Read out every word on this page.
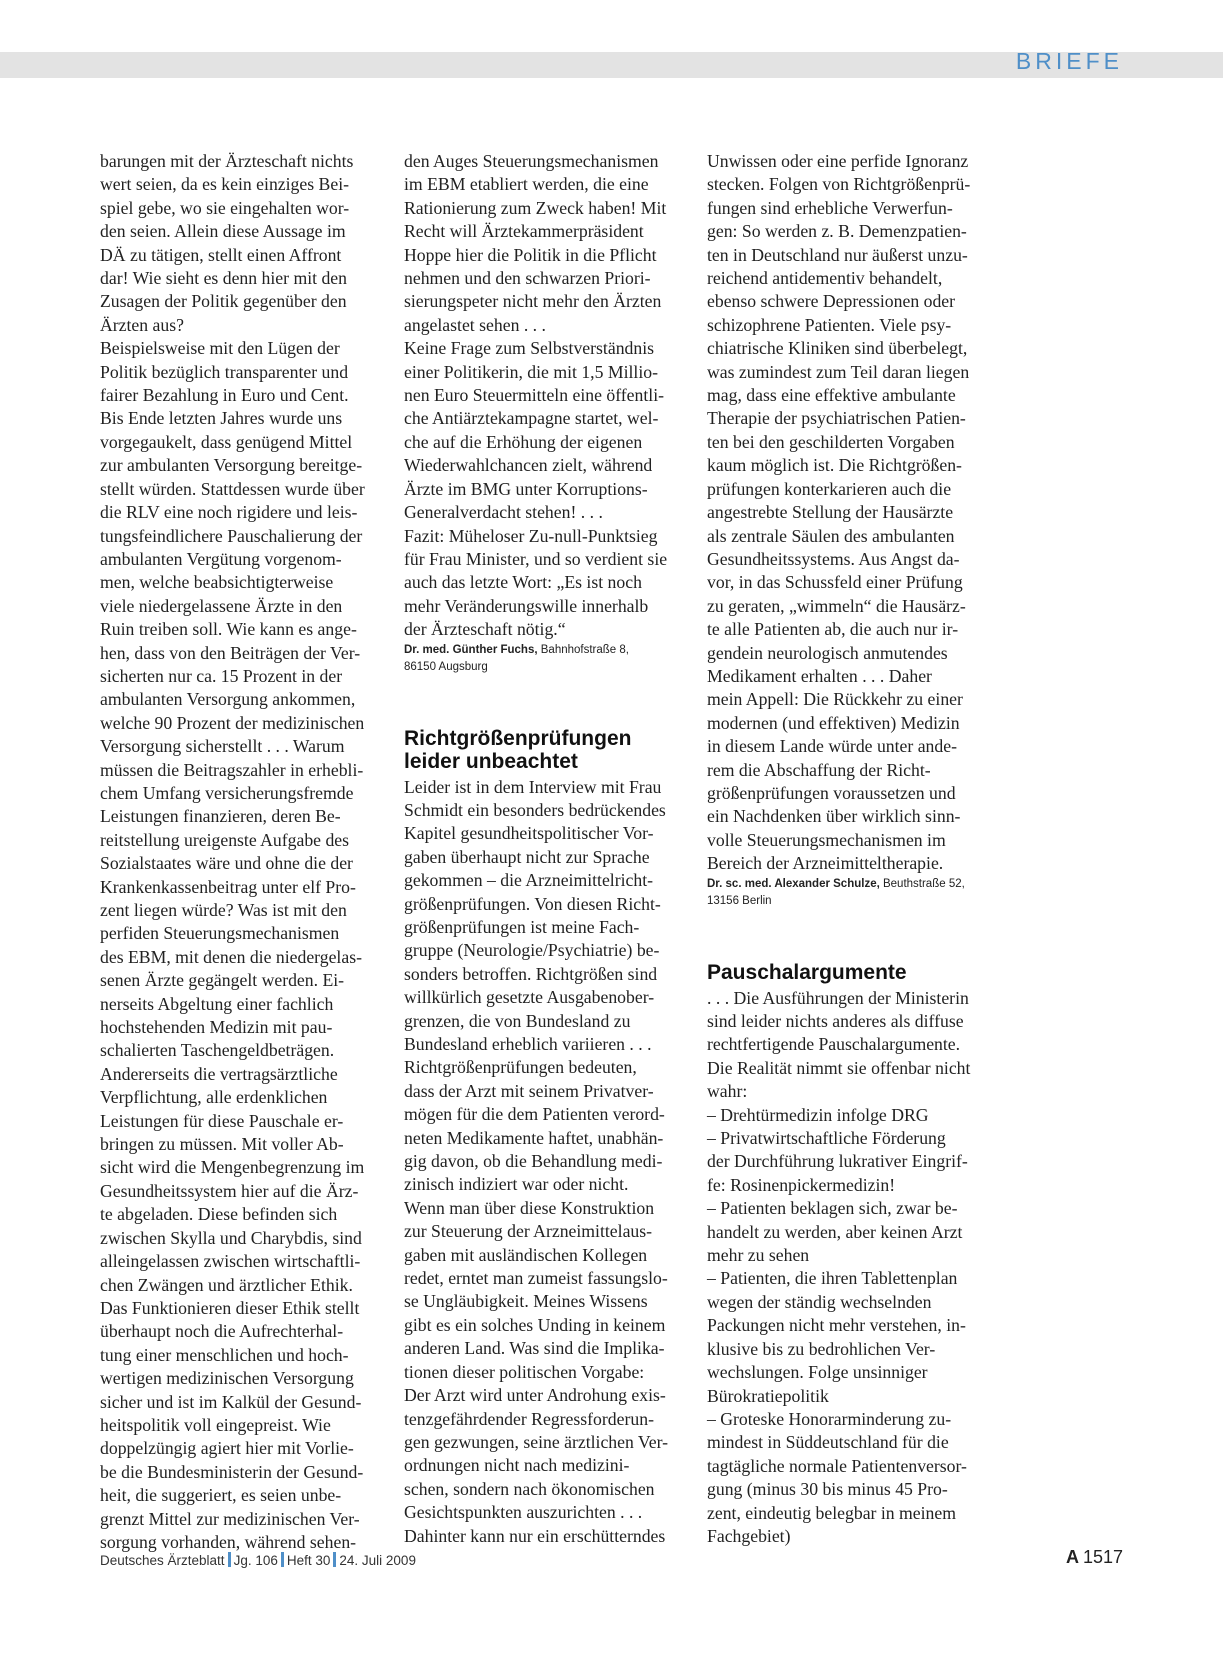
BRIEFE
barungen mit der Ärzteschaft nichts
wert seien, da es kein einziges Bei-
spiel gebe, wo sie eingehalten wor-
den seien. Allein diese Aussage im
DÄ zu tätigen, stellt einen Affront
dar! Wie sieht es denn hier mit den
Zusagen der Politik gegenüber den
Ärzten aus?
Beispielsweise mit den Lügen der
Politik bezüglich transparenter und
fairer Bezahlung in Euro und Cent.
Bis Ende letzten Jahres wurde uns
vorgegaukelt, dass genügend Mittel
zur ambulanten Versorgung bereitge-
stellt würden. Stattdessen wurde über
die RLV eine noch rigidere und leis-
tungsfeindlichere Pauschalierung der
ambulanten Vergütung vorgenom-
men, welche beabsichtigterweise
viele niedergelassene Ärzte in den
Ruin treiben soll. Wie kann es ange-
hen, dass von den Beiträgen der Ver-
sicherten nur ca. 15 Prozent in der
ambulanten Versorgung ankommen,
welche 90 Prozent der medizinischen
Versorgung sicherstellt . . . Warum
müssen die Beitragszahler in erhebli-
chem Umfang versicherungsfremde
Leistungen finanzieren, deren Be-
reitstellung ureigenste Aufgabe des
Sozialstaates wäre und ohne die der
Krankenkassenbeitrag unter elf Pro-
zent liegen würde? Was ist mit den
perfiden Steuerungsmechanismen
des EBM, mit denen die niedergelas-
senen Ärzte gegängelt werden. Ei-
nerseits Abgeltung einer fachlich
hochstehenden Medizin mit pau-
schalierten Taschengeldbeträgen.
Andererseits die vertragsärztliche
Verpflichtung, alle erdenklichen
Leistungen für diese Pauschale er-
bringen zu müssen. Mit voller Ab-
sicht wird die Mengenbegrenzung im
Gesundheitssystem hier auf die Ärz-
te abgeladen. Diese befinden sich
zwischen Skylla und Charybdis, sind
alleingelassen zwischen wirtschaftli-
chen Zwängen und ärztlicher Ethik.
Das Funktionieren dieser Ethik stellt
überhaupt noch die Aufrechterhal-
tung einer menschlichen und hoch-
wertigen medizinischen Versorgung
sicher und ist im Kalkül der Gesund-
heitspolitik voll eingepreist. Wie
doppelzüngig agiert hier mit Vorlie-
be die Bundesministerin der Gesund-
heit, die suggeriert, es seien unbe-
grenzt Mittel zur medizinischen Ver-
sorgung vorhanden, während sehen-
den Auges Steuerungsmechanismen
im EBM etabliert werden, die eine
Rationierung zum Zweck haben! Mit
Recht will Ärztekammerpräsident
Hoppe hier die Politik in die Pflicht
nehmen und den schwarzen Priori-
sierungspeter nicht mehr den Ärzten
angelastet sehen . . .
Keine Frage zum Selbstverständnis
einer Politikerin, die mit 1,5 Millio-
nen Euro Steuermitteln eine öffentli-
che Antiärztekampagne startet, wel-
che auf die Erhöhung der eigenen
Wiederwahlchancen zielt, während
Ärzte im BMG unter Korruptions-
Generalverdacht stehen! . . .
Fazit: Müheloser Zu-null-Punktsieg
für Frau Minister, und so verdient sie
auch das letzte Wort: „Es ist noch
mehr Veränderungswille innerhalb
der Ärzteschaft nötig.“

Dr. med. Günther Fuchs, Bahnhofstraße 8,
86150 Augsburg

Richtgrößenprüfungen
leider unbeachtet
Leider ist in dem Interview mit Frau
Schmidt ein besonders bedrückendes
Kapitel gesundheitspolitischer Vor-
gaben überhaupt nicht zur Sprache
gekommen – die Arzneimittelricht-
größenprüfungen. Von diesen Richt-
größenprüfungen ist meine Fach-
gruppe (Neurologie/Psychiatrie) be-
sonders betroffen. Richtgrößen sind
willkürlich gesetzte Ausgabenober-
grenzen, die von Bundesland zu
Bundesland erheblich variieren . . .
Richtgrößenprüfungen bedeuten,
dass der Arzt mit seinem Privatver-
mögen für die dem Patienten verord-
neten Medikamente haftet, unabhän-
gig davon, ob die Behandlung medi-
zinisch indiziert war oder nicht.
Wenn man über diese Konstruktion
zur Steuerung der Arzneimittelaus-
gaben mit ausländischen Kollegen
redet, erntet man zumeist fassungslo-
se Ungläubigkeit. Meines Wissens
gibt es ein solches Unding in keinem
anderen Land. Was sind die Implika-
tionen dieser politischen Vorgabe:
Der Arzt wird unter Androhung exis-
tenzgefährdender Regressforderun-
gen gezwungen, seine ärztlichen Ver-
ordnungen nicht nach medizini-
schen, sondern nach ökonomischen
Gesichtspunkten auszurichten . . .
Dahinter kann nur ein erschütterndes
Unwissen oder eine perfide Ignoranz
stecken. Folgen von Richtgrößenprü-
fungen sind erhebliche Verwerfun-
gen: So werden z. B. Demenzpatien-
ten in Deutschland nur äußerst unzu-
reichend antidementiv behandelt,
ebenso schwere Depressionen oder
schizophrene Patienten. Viele psy-
chiatrische Kliniken sind überbelegt,
was zumindest zum Teil daran liegen
mag, dass eine effektive ambulante
Therapie der psychiatrischen Patien-
ten bei den geschilderten Vorgaben
kaum möglich ist. Die Richtgrößen-
prüfungen konterkarieren auch die
angestrebte Stellung der Hausärzte
als zentrale Säulen des ambulanten
Gesundheitssystems. Aus Angst da-
vor, in das Schussfeld einer Prüfung
zu geraten, „wimmeln“ die Hausärz-
te alle Patienten ab, die auch nur ir-
gendein neurologisch anmutendes
Medikament erhalten . . . Daher
mein Appell: Die Rückkehr zu einer
modernen (und effektiven) Medizin
in diesem Lande würde unter ande-
rem die Abschaffung der Richt-
größenprüfungen voraussetzen und
ein Nachdenken über wirklich sinn-
volle Steuerungsmechanismen im
Bereich der Arzneimitteltherapie.

Dr. sc. med. Alexander Schulze, Beuthstraße 52,
13156 Berlin

Pauschalargumente
. . . Die Ausführungen der Ministerin
sind leider nichts anderes als diffuse
rechtfertigende Pauschalargumente.
Die Realität nimmt sie offenbar nicht
wahr:
– Drehtürmedizin infolge DRG
– Privatwirtschaftliche Förderung
der Durchführung lukrativer Eingrif-
fe: Rosinenpickermedizin!
– Patienten beklagen sich, zwar be-
handelt zu werden, aber keinen Arzt
mehr zu sehen
– Patienten, die ihren Tablettenplan
wegen der ständig wechselnden
Packungen nicht mehr verstehen, in-
klusive bis zu bedrohlichen Ver-
wechslungen. Folge unsinniger
Bürokratiepolitik
– Groteske Honorarminderung zu-
mindest in Süddeutschland für die
tagtägliche normale Patientenversor-
gung (minus 30 bis minus 45 Pro-
zent, eindeutig belegbar in meinem
Fachgebiet)
Deutsches Ärzteblatt Jg. 106 Heft 30 24. Juli 2009	A 1517
